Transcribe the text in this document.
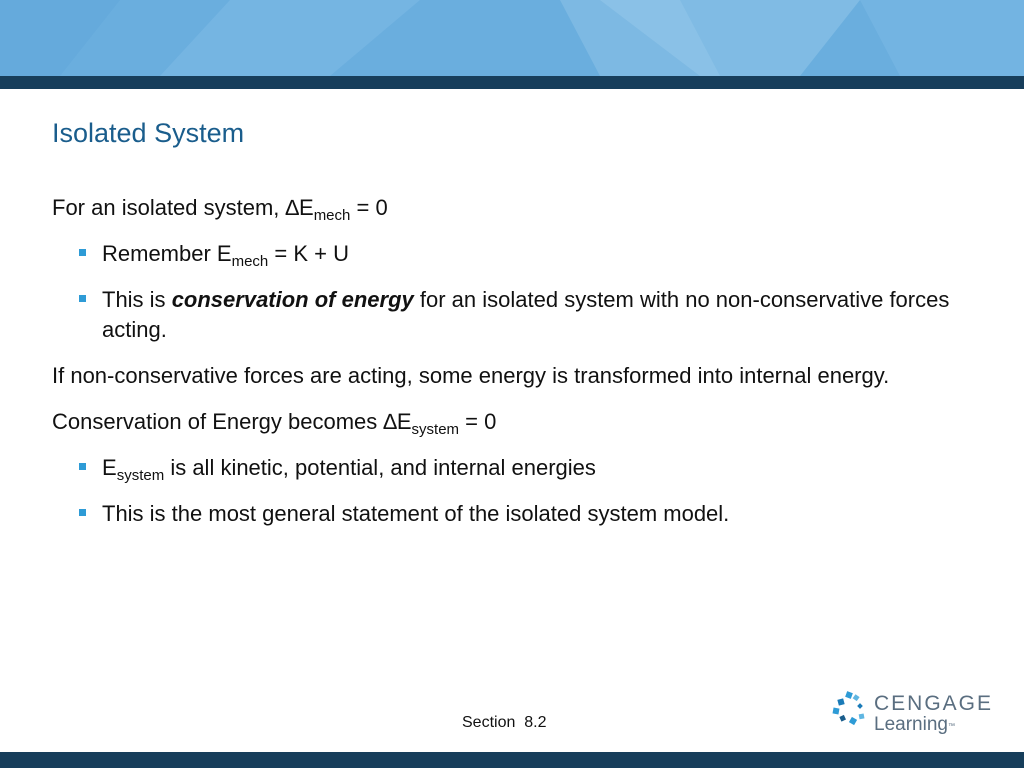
Isolated System

For an isolated system, $\Delta E_{mech} = 0$

Remember $E_{mech} = K + U$

This is conservation of energy for an isolated system with no non-conservative forces acting.

If non-conservative forces are acting, some energy is transformed into internal energy.

Conservation of Energy becomes $\Delta E_{system} = 0$

$E_{system}$ is all kinetic, potential, and internal energies

This is the most general statement of the isolated system model.

Section  8.2
CENGAGE
Learning™
